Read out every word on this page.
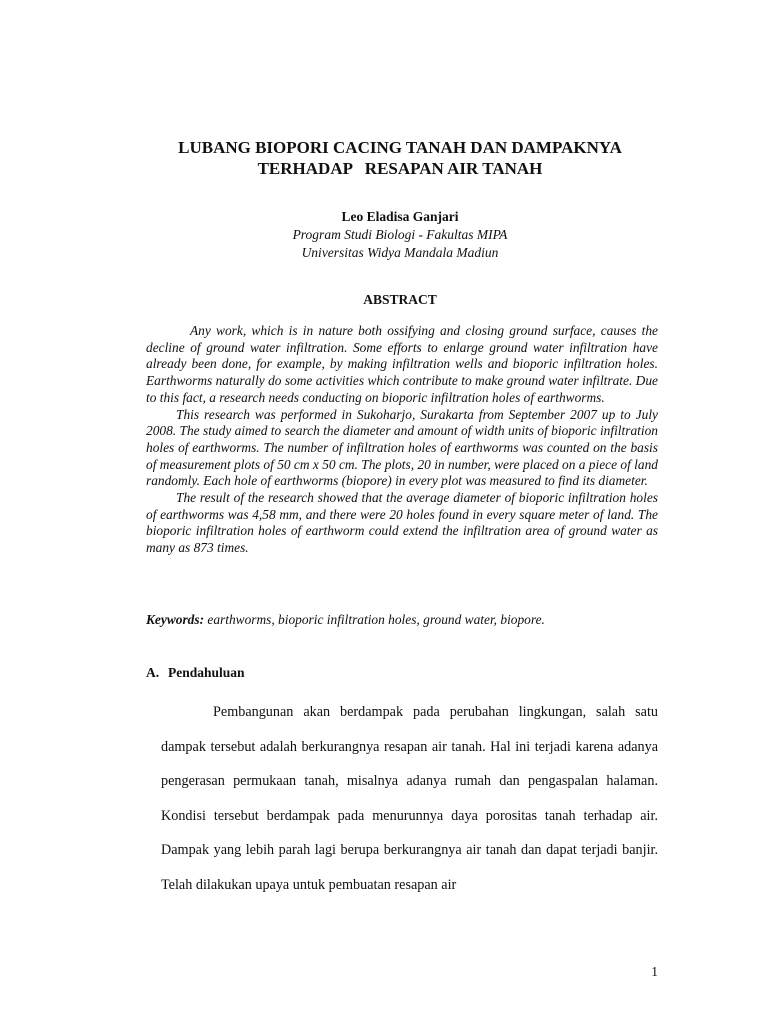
LUBANG BIOPORI CACING TANAH DAN DAMPAKNYA
TERHADAP   RESAPAN AIR TANAH
Leo Eladisa Ganjari
Program Studi Biologi - Fakultas MIPA
Universitas Widya Mandala Madiun
ABSTRACT

Any work, which is in nature both ossifying and closing ground surface, causes the decline of ground water infiltration. Some efforts to enlarge ground water infiltration have already been done, for example, by making infiltration wells and bioporic infiltration holes. Earthworms naturally do some activities which contribute to make ground water infiltrate. Due to this fact, a research needs conducting on bioporic infiltration holes of earthworms.

This research was performed in Sukoharjo, Surakarta from September 2007 up to July 2008. The study aimed to search the diameter and amount of width units of bioporic infiltration holes of earthworms. The number of infiltration holes of earthworms was counted on the basis of measurement plots of 50 cm x 50 cm. The plots, 20 in number, were placed on a piece of land randomly. Each hole of earthworms (biopore) in every plot was measured to find its diameter.

The result of the research showed that the average diameter of bioporic infiltration holes of earthworms was 4,58 mm, and there were 20 holes found in every square meter of land. The bioporic infiltration holes of earthworm could extend the infiltration area of ground water as many as 873 times.

Keywords: earthworms, bioporic infiltration holes, ground water, biopore.
A. Pendahuluan

Pembangunan akan berdampak pada perubahan lingkungan, salah satu dampak tersebut adalah berkurangnya resapan air tanah. Hal ini terjadi karena adanya pengerasan permukaan tanah, misalnya adanya rumah dan pengaspalan halaman. Kondisi tersebut berdampak pada menurunnya daya porositas tanah terhadap air. Dampak yang lebih parah lagi berupa berkurangnya air tanah dan dapat terjadi banjir. Telah dilakukan upaya untuk pembuatan resapan air

1
